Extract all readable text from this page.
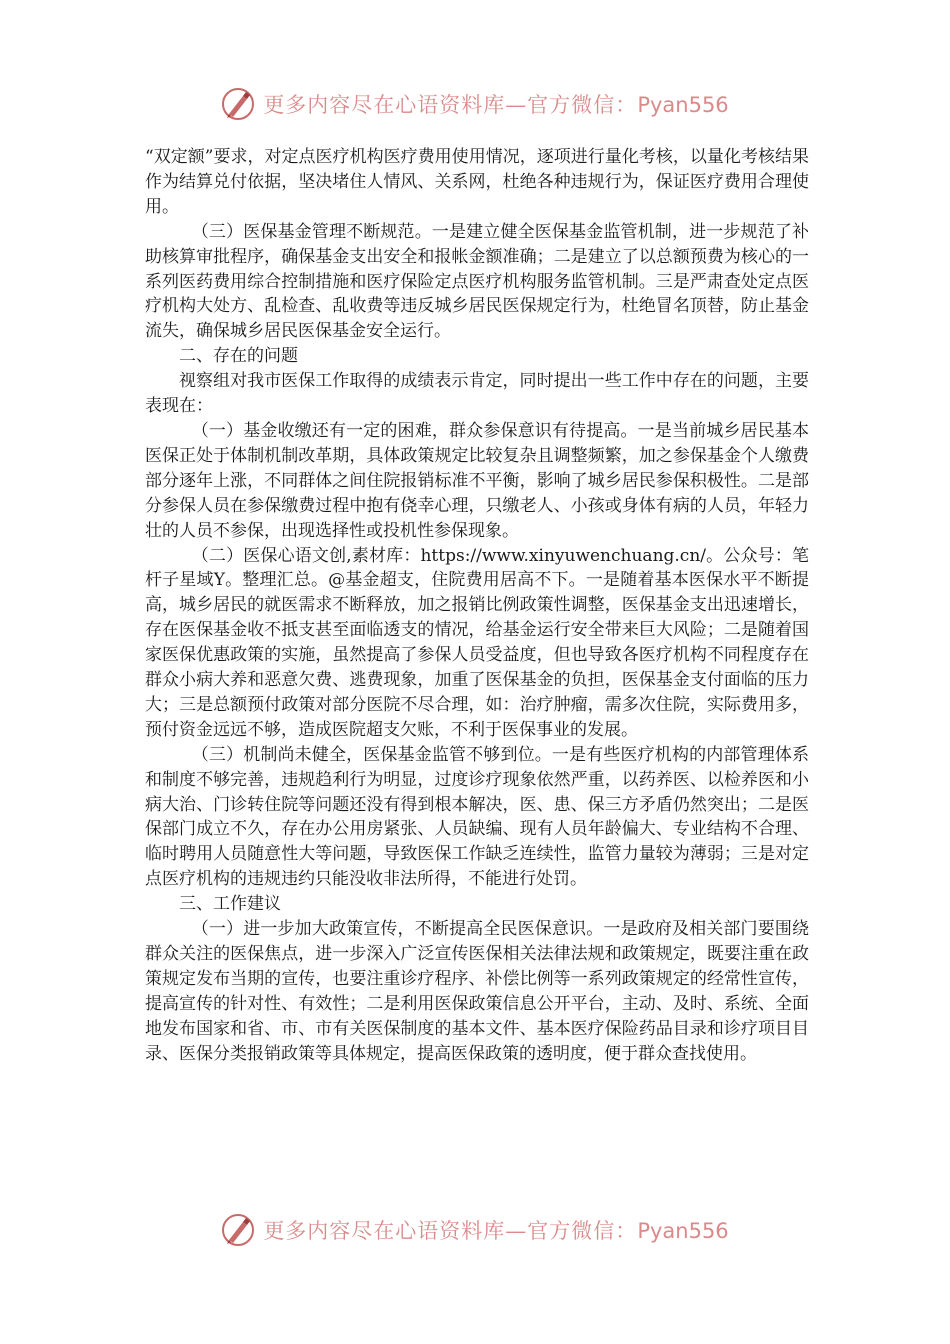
更多内容尽在心语资料库—官方微信：Pyan556

“双定额”要求，对定点医疗机构医疗费用使用情况，逐项进行量化考核，以量化考核结果作为结算兑付依据，坚决堵住人情风、关系网，杜绝各种违规行为，保证医疗费用合理使用。

（三）医保基金管理不断规范。一是建立健全医保基金监管机制，进一步规范了补助核算审批程序，确保基金支出安全和报帐金额准确；二是建立了以总额预费为核心的一系列医药费用综合控制措施和医疗保险定点医疗机构服务监管机制。三是严肃查处定点医疗机构大处方、乱检查、乱收费等违反城乡居民医保规定行为，杜绝冒名顶替，防止基金流失，确保城乡居民医保基金安全运行。

二、存在的问题

视察组对我市医保工作取得的成绩表示肯定，同时提出一些工作中存在的问题，主要表现在：

（一）基金收缴还有一定的困难，群众参保意识有待提高。一是当前城乡居民基本医保正处于体制机制改革期，具体政策规定比较复杂且调整频繁，加之参保基金个人缴费部分逐年上涨，不同群体之间住院报销标准不平衡，影响了城乡居民参保积极性。二是部分参保人员在参保缴费过程中抱有侥幸心理，只缴老人、小孩或身体有病的人员，年轻力壮的人员不参保，出现选择性或投机性参保现象。

（二）医保心语文创,素材库：https://www.xinyuwenchuang.cn/。公众号：笔杆子星域Y。整理汇总。@基金超支，住院费用居高不下。一是随着基本医保水平不断提高，城乡居民的就医需求不断释放，加之报销比例政策性调整，医保基金支出迅速增长，存在医保基金收不抵支甚至面临透支的情况，给基金运行安全带来巨大风险；二是随着国家医保优惠政策的实施，虽然提高了参保人员受益度，但也导致各医疗机构不同程度存在群众小病大养和恶意欠费、逃费现象，加重了医保基金的负担，医保基金支付面临的压力大；三是总额预付政策对部分医院不尽合理，如：治疗肿瘤，需多次住院，实际费用多，预付资金远远不够，造成医院超支欠账，不利于医保事业的发展。

（三）机制尚未健全，医保基金监管不够到位。一是有些医疗机构的内部管理体系和制度不够完善，违规趋利行为明显，过度诊疗现象依然严重，以药养医、以检养医和小病大治、门诊转住院等问题还没有得到根本解决，医、患、保三方矛盾仍然突出；二是医保部门成立不久，存在办公用房紧张、人员缺编、现有人员年龄偏大、专业结构不合理、临时聘用人员随意性大等问题，导致医保工作缺乏连续性，监管力量较为薄弱；三是对定点医疗机构的违规违约只能没收非法所得，不能进行处罚。

三、工作建议

（一）进一步加大政策宣传，不断提高全民医保意识。一是政府及相关部门要围绕群众关注的医保焦点，进一步深入广泛宣传医保相关法律法规和政策规定，既要注重在政策规定发布当期的宣传，也要注重诊疗程序、补偿比例等一系列政策规定的经常性宣传，提高宣传的针对性、有效性；二是利用医保政策信息公开平台，主动、及时、系统、全面地发布国家和省、市、市有关医保制度的基本文件、基本医疗保险药品目录和诊疗项目目录、医保分类报销政策等具体规定，提高医保政策的透明度，便于群众查找使用。

更多内容尽在心语资料库—官方微信：Pyan556
